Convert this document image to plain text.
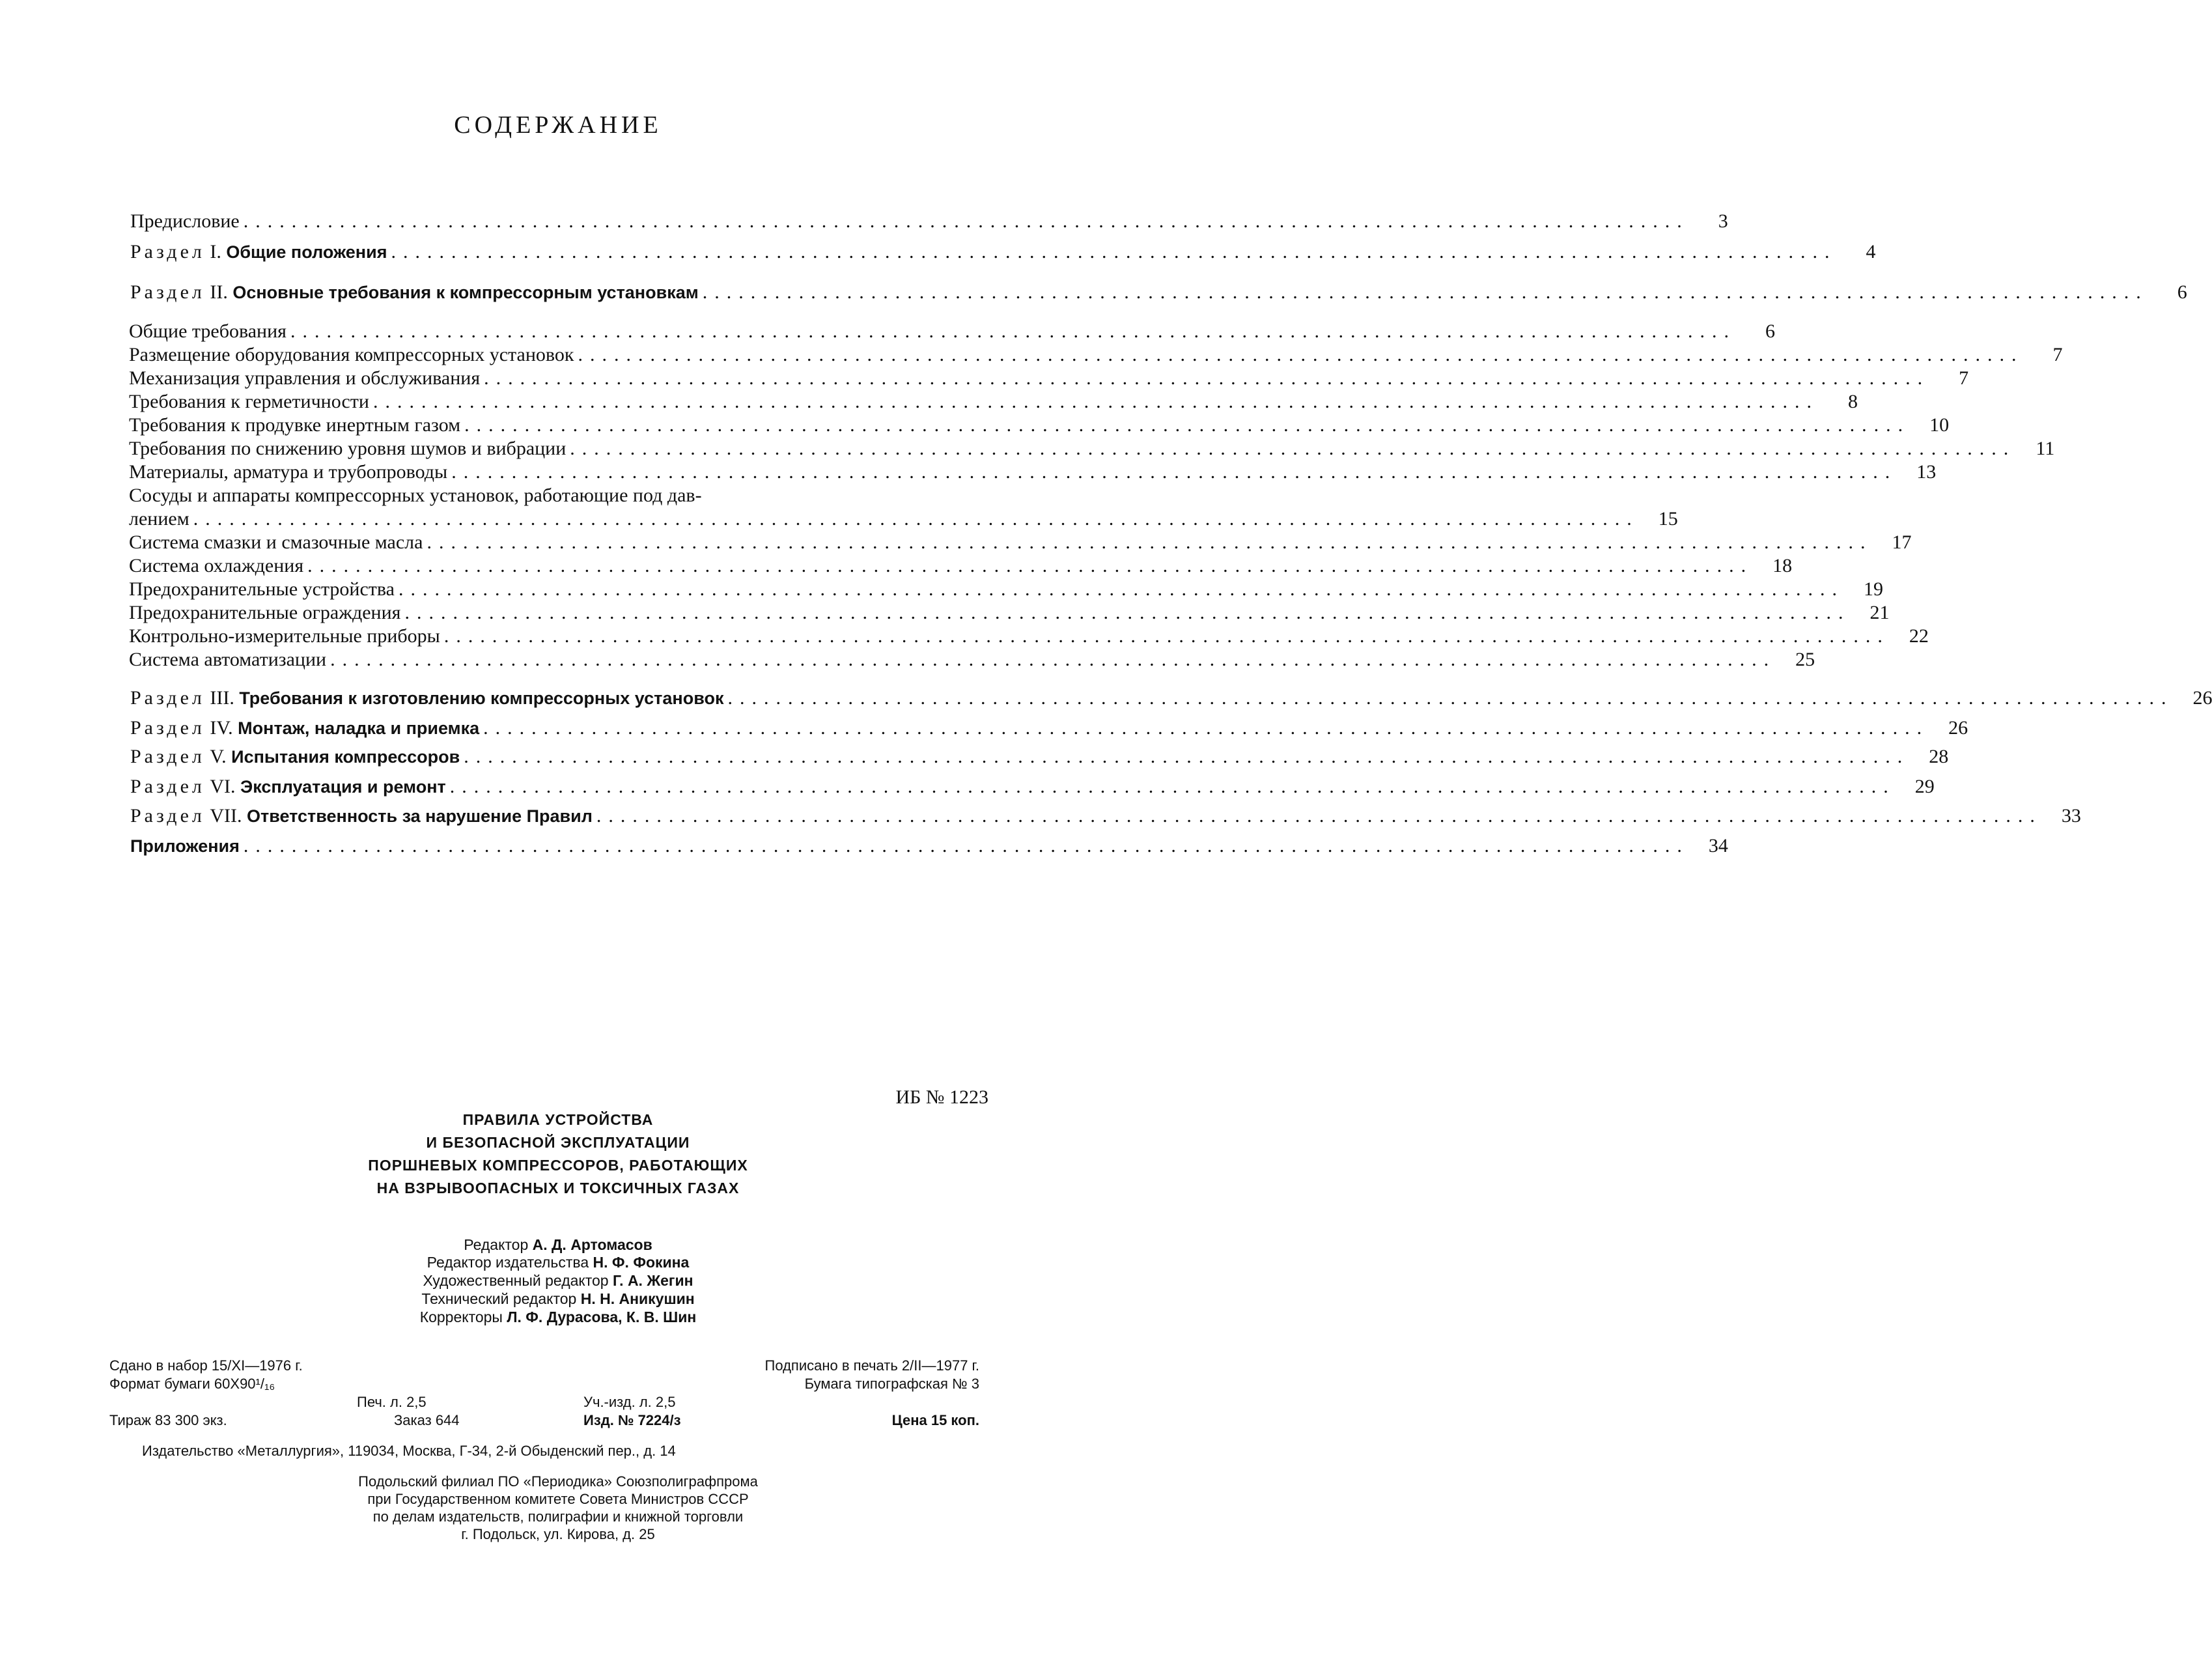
СОДЕРЖАНИЕ
Предисловие ........................................................................................................................	3
Раздел I. Общие положения ........................................................................................................................	4
Раздел II. Основные требования к компрессорным установкам ........................................................................................................................	6
Общие требования ........................................................................................................................	6
Размещение оборудования компрессорных установок ........................................................................................................................	7
Механизация управления и обслуживания ........................................................................................................................	7
Требования к герметичности ........................................................................................................................	8
Требования к продувке инертным газом ........................................................................................................................	10
Требования по снижению уровня шумов и вибрации ........................................................................................................................	11
Материалы, арматура и трубопроводы ........................................................................................................................	13
Сосуды и аппараты компрессорных установок, работающие под дав-
лением ........................................................................................................................	15
Система смазки и смазочные масла ........................................................................................................................	17
Система охлаждения ........................................................................................................................	18
Предохранительные устройства ........................................................................................................................	19
Предохранительные ограждения ........................................................................................................................	21
Контрольно-измерительные приборы ........................................................................................................................	22
Система автоматизации ........................................................................................................................	25
Раздел III. Требования к изготовлению компрессорных установок ........................................................................................................................	26
Раздел IV. Монтаж, наладка и приемка ........................................................................................................................	26
Раздел V. Испытания компрессоров ........................................................................................................................	28
Раздел VI. Эксплуатация и ремонт ........................................................................................................................	29
Раздел VII. Ответственность за нарушение Правил ........................................................................................................................	33
Приложения ........................................................................................................................	34
ИБ № 1223
ПРАВИЛА УСТРОЙСТВА
И БЕЗОПАСНОЙ ЭКСПЛУАТАЦИИ
ПОРШНЕВЫХ КОМПРЕССОРОВ, РАБОТАЮЩИХ
НА ВЗРЫВООПАСНЫХ И ТОКСИЧНЫХ ГАЗАХ
Редактор А. Д. Артомасов
Редактор издательства Н. Ф. Фокина
Художественный редактор Г. А. Жегин
Технический редактор Н. Н. Аникушин
Корректоры Л. Ф. Дурасова, К. В. Шин
Сдано в набор 15/XI—1976 г.	Подписано в печать 2/II—1977 г.
Формат бумаги 60Х90¹/₁₆	Бумага типографская № 3
Печ. л. 2,5	Уч.-изд. л. 2,5
Тираж 83 300 экз.	Заказ 644	Изд. № 7224/з	Цена 15 коп.
Издательство «Металлургия», 119034, Москва, Г-34, 2-й Обыденский пер., д. 14
Подольский филиал ПО «Периодика» Союзполиграфпрома
при Государственном комитете Совета Министров СССР
по делам издательств, полиграфии и книжной торговли
г. Подольск, ул. Кирова, д. 25
